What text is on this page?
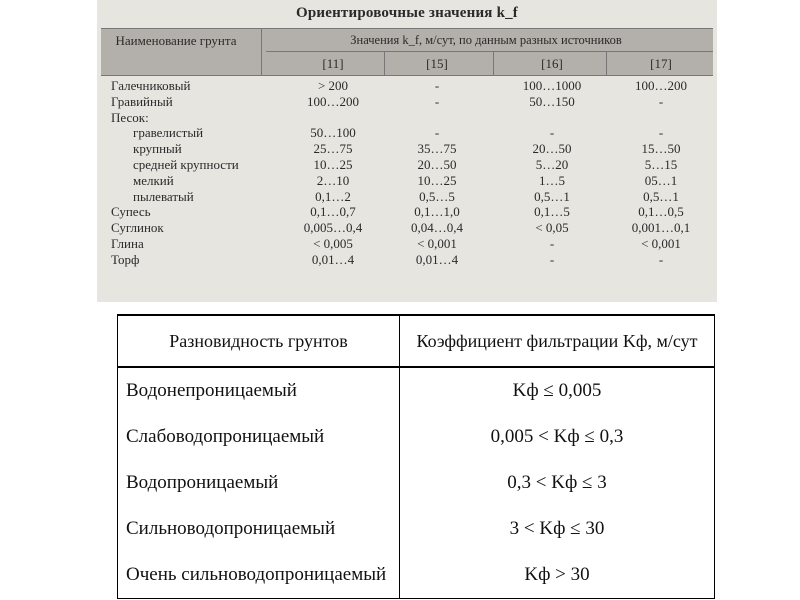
Ориентировочные значения k_f
Наименование грунта	Значения k_f, м/сут, по данным разных источников
[11]	[15]	[16]	[17]
Галечниковый	> 200	-	100…1000	100…200
Гравийный	100…200	-	50…150	-
Песок:
гравелистый	50…100	-	-	-
крупный	25…75	35…75	20…50	15…50
средней крупности	10…25	20…50	5…20	5…15
мелкий	2…10	10…25	1…5	05…1
пылеватый	0,1…2	0,5…5	0,5…1	0,5…1
Супесь	0,1…0,7	0,1…1,0	0,1…5	0,1…0,5
Суглинок	0,005…0,4	0,04…0,4	< 0,05	0,001…0,1
Глина	< 0,005	< 0,001	-	< 0,001
Торф	0,01…4	0,01…4	-	-
Разновидность грунтов	Коэффициент фильтрации Kф, м/сут
Водонепроницаемый	Kф ≤ 0,005
Слабоводопроницаемый	0,005 < Kф ≤ 0,3
Водопроницаемый	0,3 < Kф ≤ 3
Сильноводопроницаемый	3 < Kф ≤ 30
Очень сильноводопроницаемый	Kф > 30
